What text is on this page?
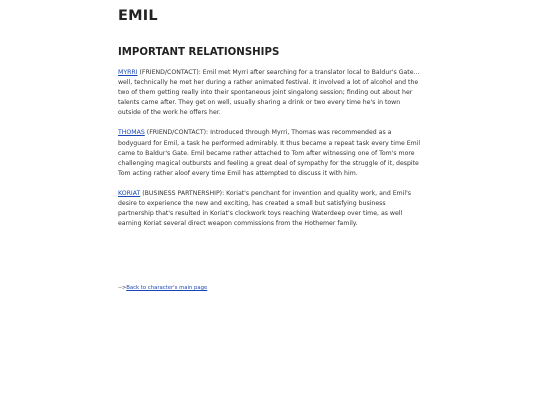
EMIL
IMPORTANT RELATIONSHIPS

MYRRI (FRIEND/CONTACT): Emil met Myrri after searching for a translator local to Baldur's Gate... well, technically he met her during a rather animated festival. It involved a lot of alcohol and the two of them getting really into their spontaneous joint singalong session; finding out about her talents came after. They get on well, usually sharing a drink or two every time he's in town outside of the work he offers her.

THOMAS (FRIEND/CONTACT): Introduced through Myrri, Thomas was recommended as a bodyguard for Emil, a task he performed admirably. It thus became a repeat task every time Emil came to Baldur's Gate. Emil became rather attached to Tom after witnessing one of Tom's more challenging magical outbursts and feeling a great deal of sympathy for the struggle of it, despite Tom acting rather aloof every time Emil has attempted to discuss it with him.

KORIAT (BUSINESS PARTNERSHIP): Koriat's penchant for invention and quality work, and Emil's desire to experience the new and exciting, has created a small but satisfying business partnership that's resulted in Koriat's clockwork toys reaching Waterdeep over time, as well earning Koriat several direct weapon commissions from the Hothemer family.

-->Back to character's main page
